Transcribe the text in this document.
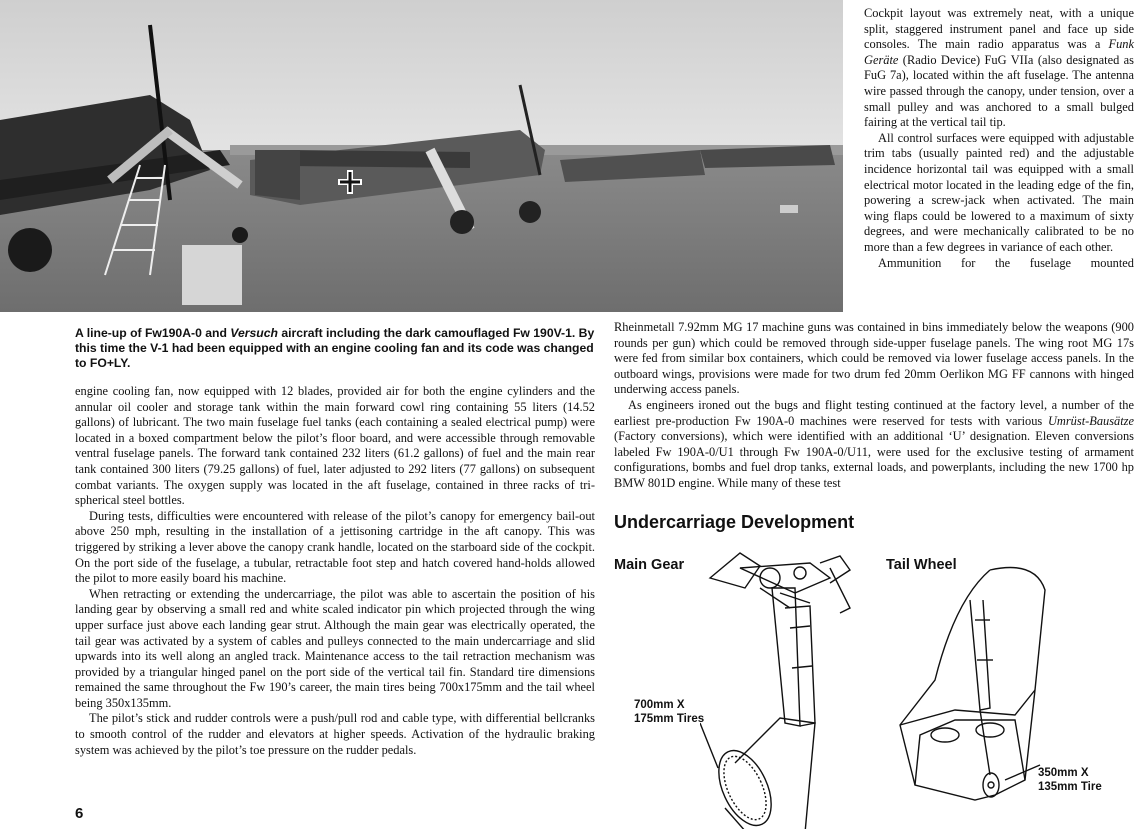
Cockpit layout was extremely neat, with a unique split, staggered instrument panel and face up side consoles. The main radio apparatus was a Funk Geräte (Radio Device) FuG VIIa (also designated as FuG 7a), located within the aft fuselage. The antenna wire passed through the canopy, under tension, over a small pulley and was anchored to a small bulged fairing at the vertical tail tip.

All control surfaces were equipped with adjustable trim tabs (usually painted red) and the adjustable incidence horizontal tail was equipped with a small electrical motor located in the leading edge of the fin, powering a screw-jack when activated. The main wing flaps could be lowered to a maximum of sixty degrees, and were mechanically calibrated to be no more than a few degrees in variance of each other.

Ammunition for the fuselage mounted

A line-up of Fw190A-0 and Versuch aircraft including the dark camouflaged Fw 190V-1. By this time the V-1 had been equipped with an engine cooling fan and its code was changed to FO+LY.

Rheinmetall 7.92mm MG 17 machine guns was contained in bins immediately below the weapons (900 rounds per gun) which could be removed through side-upper fuselage panels. The wing root MG 17s were fed from similar box containers, which could be removed via lower fuselage access panels. In the outboard wings, provisions were made for two drum fed 20mm Oerlikon MG FF cannons with hinged underwing access panels.

As engineers ironed out the bugs and flight testing continued at the factory level, a number of the earliest pre-production Fw 190A-0 machines were reserved for tests with various Umrüst-Bausätze (Factory conversions), which were identified with an additional ‘U’ designation. Eleven conversions labeled Fw 190A-0/U1 through Fw 190A-0/U11, were used for the exclusive testing of armament configurations, bombs and fuel drop tanks, external loads, and powerplants, including the new 1700 hp BMW 801D engine. While many of these test

engine cooling fan, now equipped with 12 blades, provided air for both the engine cylinders and the annular oil cooler and storage tank within the main forward cowl ring containing 55 liters (14.52 gallons) of lubricant. The two main fuselage fuel tanks (each containing a sealed electrical pump) were located in a boxed compartment below the pilot’s floor board, and were accessible through removable ventral fuselage panels. The forward tank contained 232 liters (61.2 gallons) of fuel and the main rear tank contained 300 liters (79.25 gallons) of fuel, later adjusted to 292 liters (77 gallons) on subsequent combat variants. The oxygen supply was located in the aft fuselage, contained in three racks of tri-spherical steel bottles.

During tests, difficulties were encountered with release of the pilot’s canopy for emergency bail-out above 250 mph, resulting in the installation of a jettisoning cartridge in the aft canopy. This was triggered by striking a lever above the canopy crank handle, located on the starboard side of the cockpit. On the port side of the fuselage, a tubular, retractable foot step and hatch covered hand-holds allowed the pilot to more easily board his machine.

When retracting or extending the undercarriage, the pilot was able to ascertain the position of his landing gear by observing a small red and white scaled indicator pin which projected through the wing upper surface just above each landing gear strut. Although the main gear was electrically operated, the tail gear was activated by a system of cables and pulleys connected to the main undercarriage and slid upwards into its well along an angled track. Maintenance access to the tail retraction mechanism was provided by a triangular hinged panel on the port side of the vertical tail fin. Standard tire dimensions remained the same throughout the Fw 190’s career, the main tires being 700x175mm and the tail wheel being 350x135mm.

The pilot’s stick and rudder controls were a push/pull rod and cable type, with differential bellcranks to smooth control of the rudder and elevators at higher speeds. Activation of the hydraulic braking system was achieved by the pilot’s toe pressure on the rudder pedals.

Undercarriage Development
Main Gear	Tail Wheel
700mm X
175mm Tires
350mm X
135mm Tire
6
